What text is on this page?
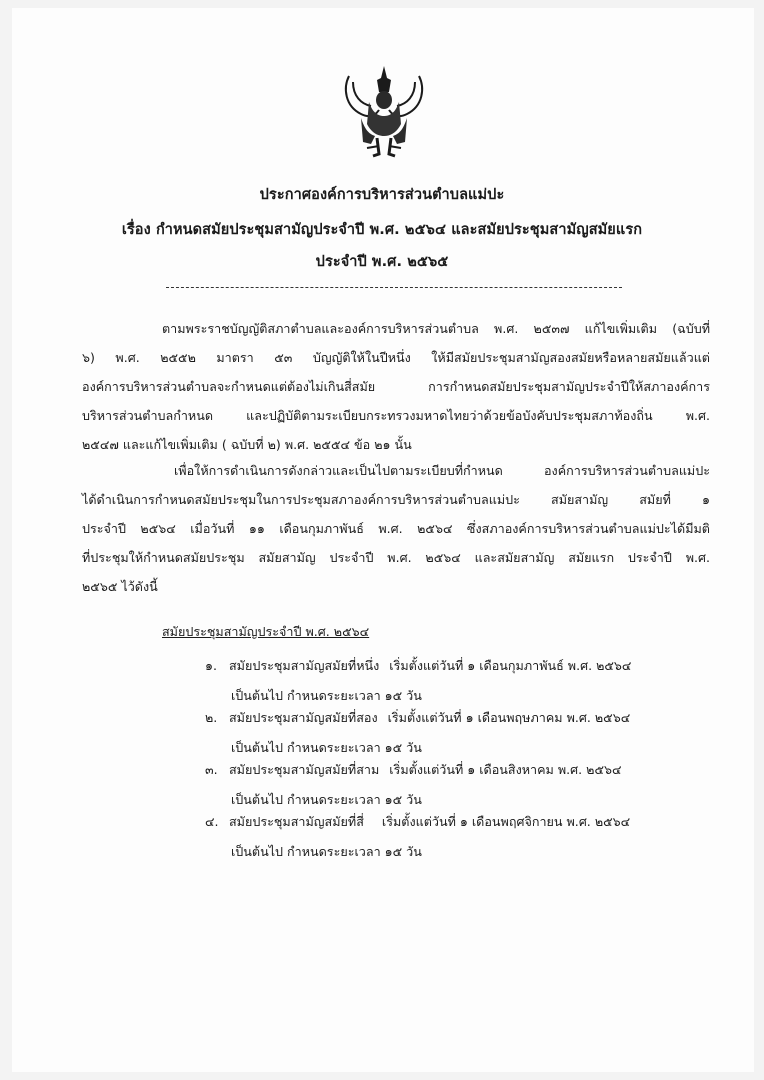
ประกาศองค์การบริหารส่วนตำบลแม่ปะ
เรื่อง กำหนดสมัยประชุมสามัญประจำปี พ.ศ. ๒๕๖๔ และสมัยประชุมสามัญสมัยแรก
ประจำปี พ.ศ. ๒๕๖๕
ตามพระราชบัญญัติสภาตำบลและองค์การบริหารส่วนตำบล พ.ศ. ๒๕๓๗ แก้ไขเพิ่มเติม (ฉบับที่
๖) พ.ศ. ๒๕๕๒ มาตรา ๕๓ บัญญัติให้ในปีหนึ่ง ให้มีสมัยประชุมสามัญสองสมัยหรือหลายสมัยแล้วแต่
องค์การบริหารส่วนตำบลจะกำหนดแต่ต้องไม่เกินสี่สมัย การกำหนดสมัยประชุมสามัญประจำปีให้สภาองค์การ
บริหารส่วนตำบลกำหนด และปฏิบัติตามระเบียบกระทรวงมหาดไทยว่าด้วยข้อบังคับประชุมสภาท้องถิ่น พ.ศ.
๒๕๔๗ และแก้ไขเพิ่มเติม ( ฉบับที่ ๒) พ.ศ. ๒๕๕๔ ข้อ ๒๑ นั้น
เพื่อให้การดำเนินการดังกล่าวและเป็นไปตามระเบียบที่กำหนด องค์การบริหารส่วนตำบลแม่ปะ
ได้ดำเนินการกำหนดสมัยประชุมในการประชุมสภาองค์การบริหารส่วนตำบลแม่ปะ สมัยสามัญ สมัยที่ ๑
ประจำปี ๒๕๖๔ เมื่อวันที่ ๑๑ เดือนกุมภาพันธ์ พ.ศ. ๒๕๖๔ ซึ่งสภาองค์การบริหารส่วนตำบลแม่ปะได้มีมติ
ที่ประชุมให้กำหนดสมัยประชุม สมัยสามัญ ประจำปี พ.ศ. ๒๕๖๔ และสมัยสามัญ สมัยแรก ประจำปี พ.ศ.
๒๕๖๕ ไว้ดังนี้
สมัยประชุมสามัญประจำปี พ.ศ. ๒๕๖๔
๑. สมัยประชุมสามัญสมัยที่หนึ่ง เริ่มตั้งแต่วันที่ ๑ เดือนกุมภาพันธ์ พ.ศ. ๒๕๖๔
เป็นต้นไป กำหนดระยะเวลา ๑๕ วัน
๒. สมัยประชุมสามัญสมัยที่สอง เริ่มตั้งแต่วันที่ ๑ เดือนพฤษภาคม พ.ศ. ๒๕๖๔
เป็นต้นไป กำหนดระยะเวลา ๑๕ วัน
๓. สมัยประชุมสามัญสมัยที่สาม เริ่มตั้งแต่วันที่ ๑ เดือนสิงหาคม พ.ศ. ๒๕๖๔
เป็นต้นไป กำหนดระยะเวลา ๑๕ วัน
๔. สมัยประชุมสามัญสมัยที่สี่ เริ่มตั้งแต่วันที่ ๑ เดือนพฤศจิกายน พ.ศ. ๒๕๖๔
เป็นต้นไป กำหนดระยะเวลา ๑๕ วัน
